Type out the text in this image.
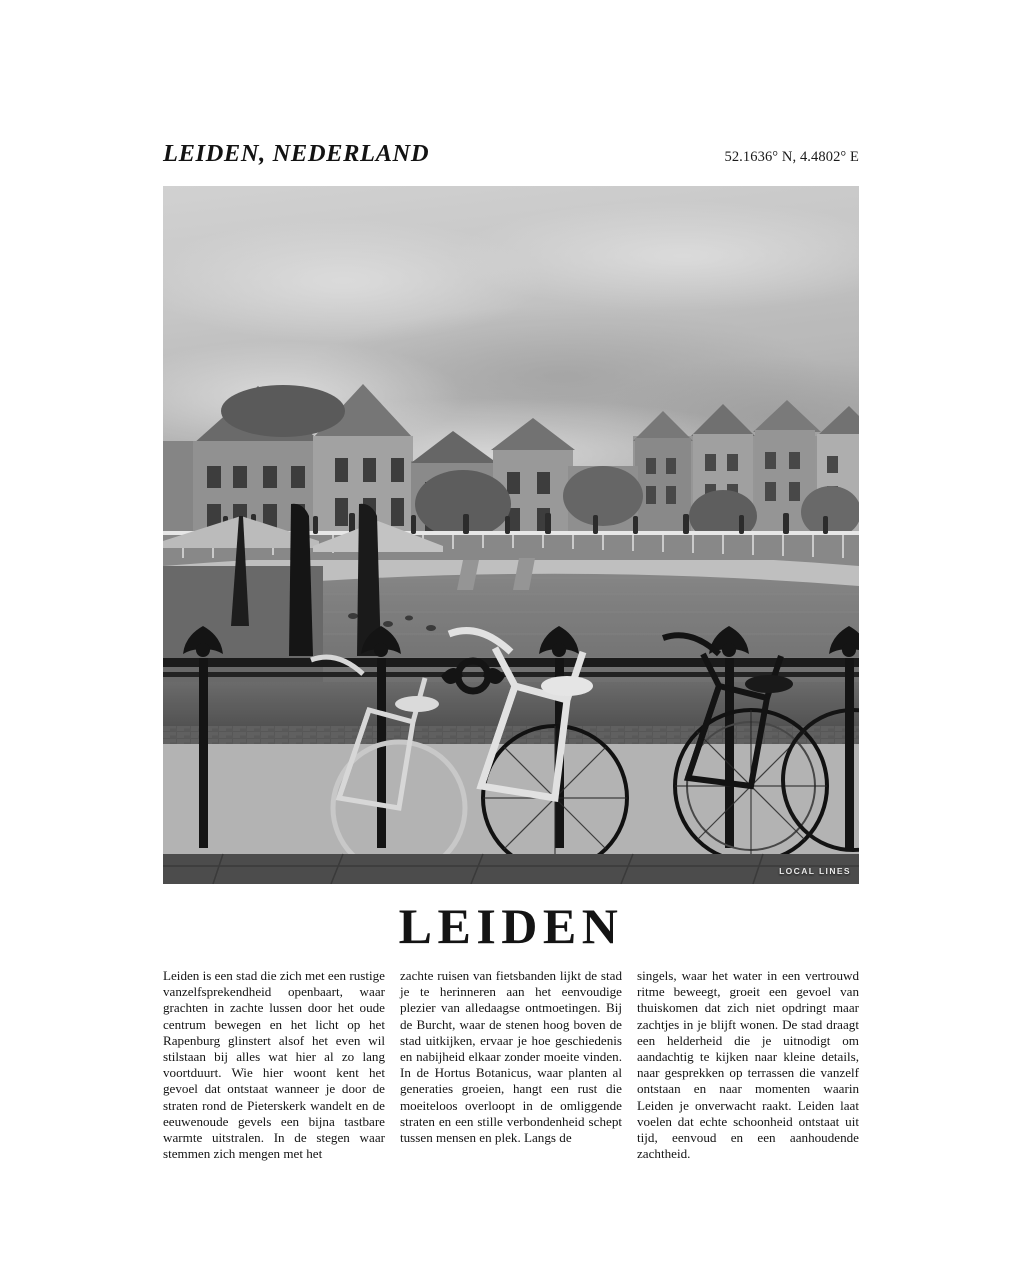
LEIDEN, NEDERLAND	52.1636° N, 4.4802° E
LOCAL LINES
LEIDEN

Leiden is een stad die zich met een rustige vanzelfsprekendheid openbaart, waar grachten in zachte lussen door het oude centrum bewegen en het licht op het Rapenburg glinstert alsof het even wil stilstaan bij alles wat hier al zo lang voortduurt. Wie hier woont kent het gevoel dat ontstaat wanneer je door de straten rond de Pieterskerk wandelt en de eeuwenoude gevels een bijna tastbare warmte uitstralen. In de stegen waar stemmen zich mengen met het

zachte ruisen van fietsbanden lijkt de stad je te herinneren aan het eenvoudige plezier van alledaagse ontmoetingen. Bij de Burcht, waar de stenen hoog boven de stad uitkijken, ervaar je hoe geschiedenis en nabijheid elkaar zonder moeite vinden. In de Hortus Botanicus, waar planten al generaties groeien, hangt een rust die moeiteloos overloopt in de omliggende straten en een stille verbondenheid schept tussen mensen en plek. Langs de

singels, waar het water in een vertrouwd ritme beweegt, groeit een gevoel van thuiskomen dat zich niet opdringt maar zachtjes in je blijft wonen. De stad draagt een helderheid die je uitnodigt om aandachtig te kijken naar kleine details, naar gesprekken op terrassen die vanzelf ontstaan en naar momenten waarin Leiden je onverwacht raakt. Leiden laat voelen dat echte schoonheid ontstaat uit tijd, eenvoud en een aanhoudende zachtheid.
